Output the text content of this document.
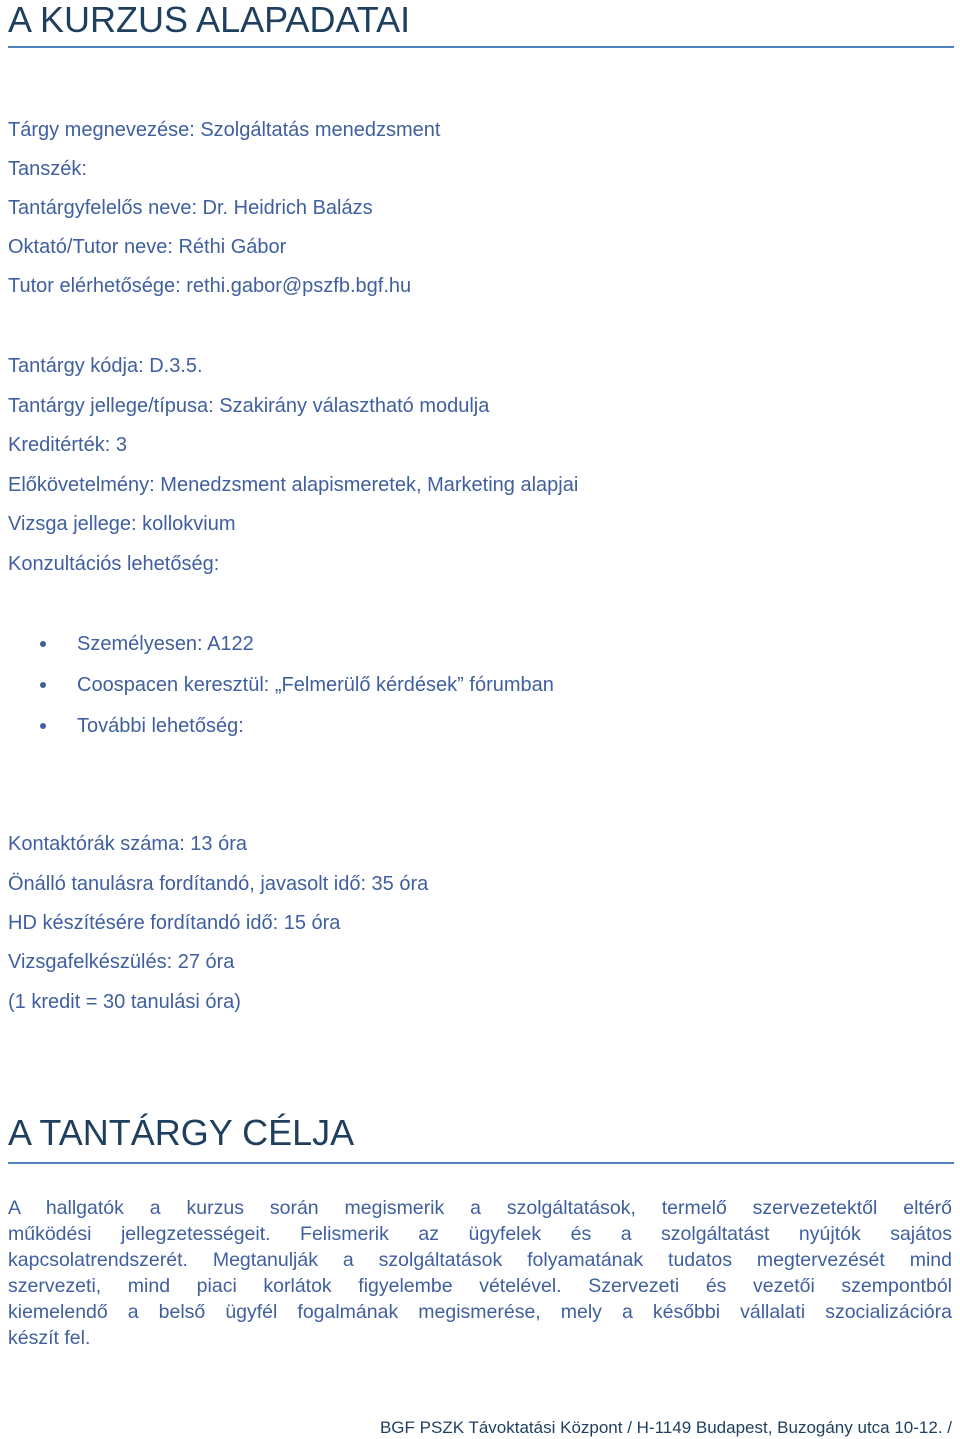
A KURZUS ALAPADATAI
Tárgy megnevezése: Szolgáltatás menedzsment
Tanszék:
Tantárgyfelelős neve: Dr. Heidrich Balázs
Oktató/Tutor neve: Réthi Gábor
Tutor elérhetősége: rethi.gabor@pszfb.bgf.hu
Tantárgy kódja: D.3.5.
Tantárgy jellege/típusa: Szakirány választható modulja
Kreditérték: 3
Előkövetelmény: Menedzsment alapismeretek, Marketing alapjai
Vizsga jellege: kollokvium
Konzultációs lehetőség:
Személyesen: A122
Coospacen keresztül: „Felmerülő kérdések” fórumban
További lehetőség:
Kontaktórák száma: 13 óra
Önálló tanulásra fordítandó, javasolt idő: 35 óra
HD készítésére fordítandó idő: 15 óra
Vizsgafelkészülés: 27 óra
(1 kredit = 30 tanulási óra)
A TANTÁRGY CÉLJA
A hallgatók a kurzus során megismerik a szolgáltatások, termelő szervezetektől eltérő
működési jellegzetességeit. Felismerik az ügyfelek és a szolgáltatást nyújtók sajátos
kapcsolatrendszerét. Megtanulják a szolgáltatások folyamatának tudatos megtervezését mind
szervezeti, mind piaci korlátok figyelembe vételével. Szervezeti és vezetői szempontból
kiemelendő a belső ügyfél fogalmának megismerése, mely a későbbi vállalati szocializációra
készít fel.
BGF PSZK Távoktatási Központ / H-1149 Budapest, Buzogány utca 10-12. /
